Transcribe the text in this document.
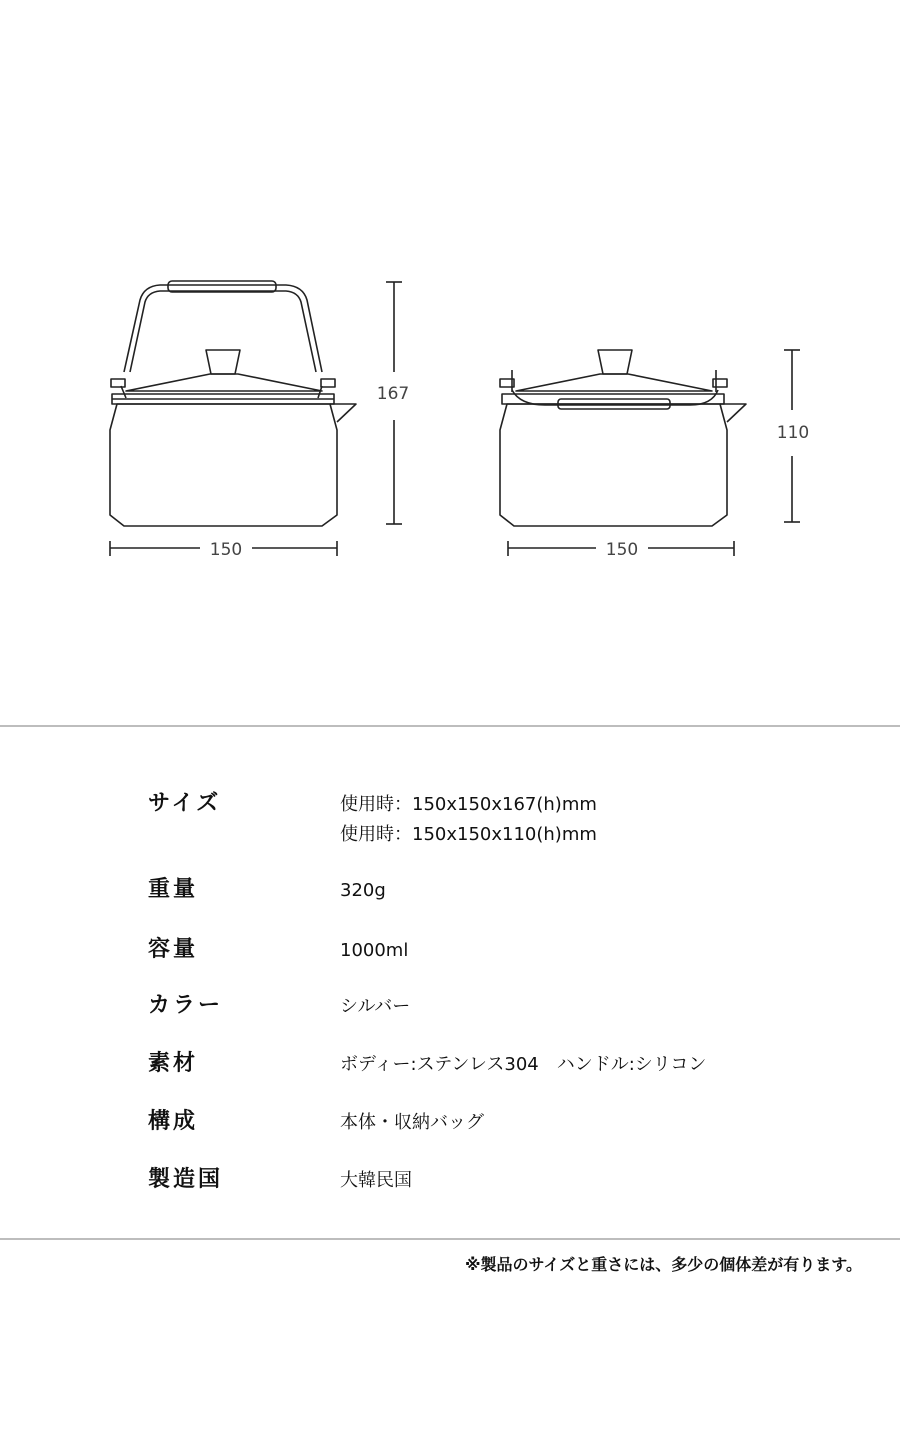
167
150
110
150
サイズ	使用時：150x150x167(h)mm
使用時：150x150x110(h)mm
重量	320g
容量	1000ml
カラー	シルバー
素材	ボディー:ステンレス304　ハンドル:シリコン
構成	本体・収納バッグ
製造国	大韓民国
※製品のサイズと重さには、多少の個体差が有ります。
